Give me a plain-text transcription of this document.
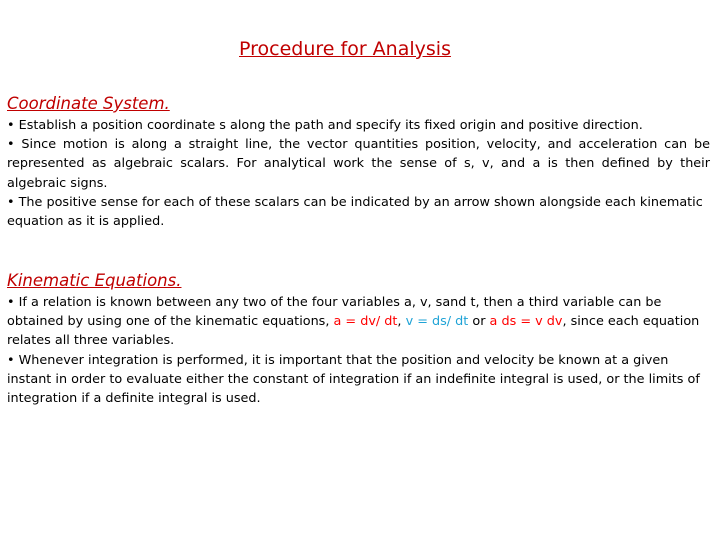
Procedure for Analysis
Coordinate System.

• Establish a position coordinate s along the path and specify its fixed origin and positive direction.

• Since motion is along a straight line, the vector quantities position, velocity, and acceleration can be represented as algebraic scalars. For analytical work the sense of s, v, and a is then defined by their algebraic signs.

• The positive sense for each of these scalars can be indicated by an arrow shown alongside each kinematic

equation as it is applied.

Kinematic Equations.

• If a relation is known between any two of the four variables a, v, sand t, then a third variable can be obtained by using one of the kinematic equations, a = dv/ dt, v = ds/ dt or a ds = v dv, since each equation relates all three variables.

• Whenever integration is performed, it is important that the position and velocity be known at a given instant in order to evaluate either the constant of integration if an indefinite integral is used, or the limits of integration if a definite integral is used.
